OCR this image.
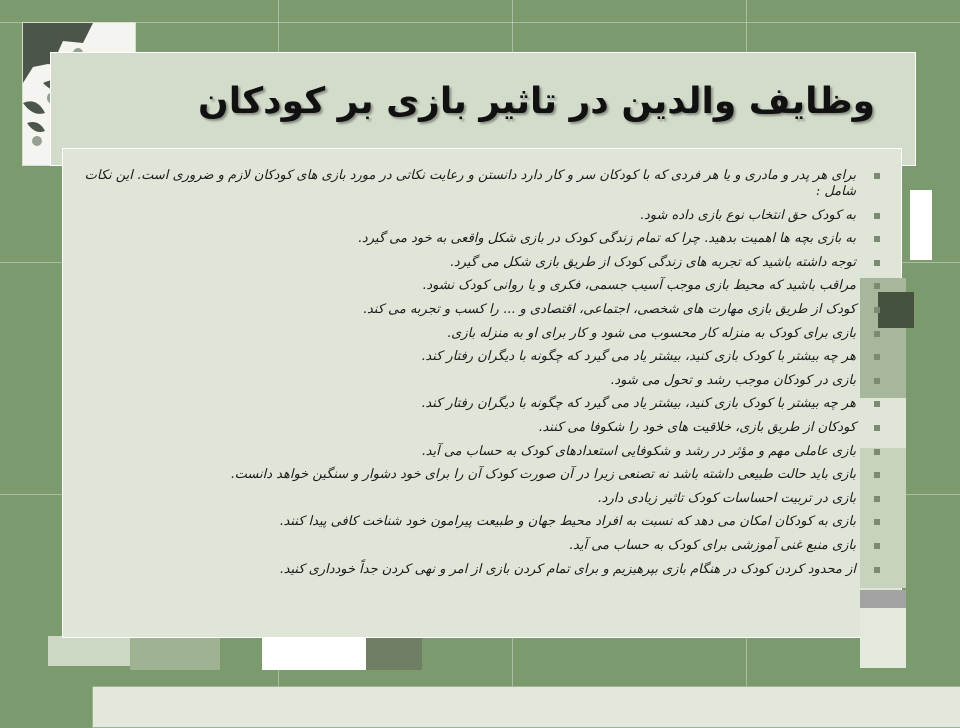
وظایف والدین در تاثیر بازی بر کودکان
برای هر پدر و مادری و یا هر فردی که با کودکان سر و کار دارد دانستن و رعایت نکاتی در مورد بازی های کودکان لازم و ضروری است. این نکات شامل :
به کودک حق انتخاب نوع بازی داده شود.
به بازی بچه ها اهمیت بدهید. چرا که تمام زندگی کودک در بازی شکل واقعی به خود می گیرد.
توجه داشته باشید که تجربه های زندگی کودک از طریق بازی شکل می گیرد.
مراقب باشید که محیط بازی موجب آسیب جسمی، فکری و یا روانی کودک نشود.
کودک از طریق بازی مهارت های شخصی، اجتماعی، اقتصادی و ... را کسب و تجربه می کند.
بازی برای کودک به منزله کار محسوب می شود و کار برای او به منزله بازی.
هر چه بیشتر با کودک بازی کنید، بیشتر یاد می گیرد که چگونه با دیگران رفتار کند.
بازی در کودکان موجب رشد و تحول می شود.
هر چه بیشتر با کودک بازی کنید، بیشتر یاد می گیرد که چگونه با دیگران رفتار کند.
کودکان از طریق بازی، خلاقیت های خود را شکوفا می کنند.
بازی عاملی مهم و مؤثر در رشد و شکوفایی استعدادهای کودک به حساب می آید.
بازی باید حالت طبیعی داشته باشد نه تصنعی زیرا در آن صورت کودک آن را برای خود دشوار و سنگین خواهد دانست.
بازی در تربیت احساسات کودک تاثیر زیادی دارد.
بازی به کودکان امکان می دهد که نسبت به افراد محیط جهان و طبیعت پیرامون خود شناخت کافی پیدا کنند.
بازی منبع غنی آموزشی برای کودک به حساب می آید.
از محدود کردن کودک در هنگام بازی بپرهیزیم و برای تمام کردن بازی از امر و نهی کردن جداً خودداری کنید.
